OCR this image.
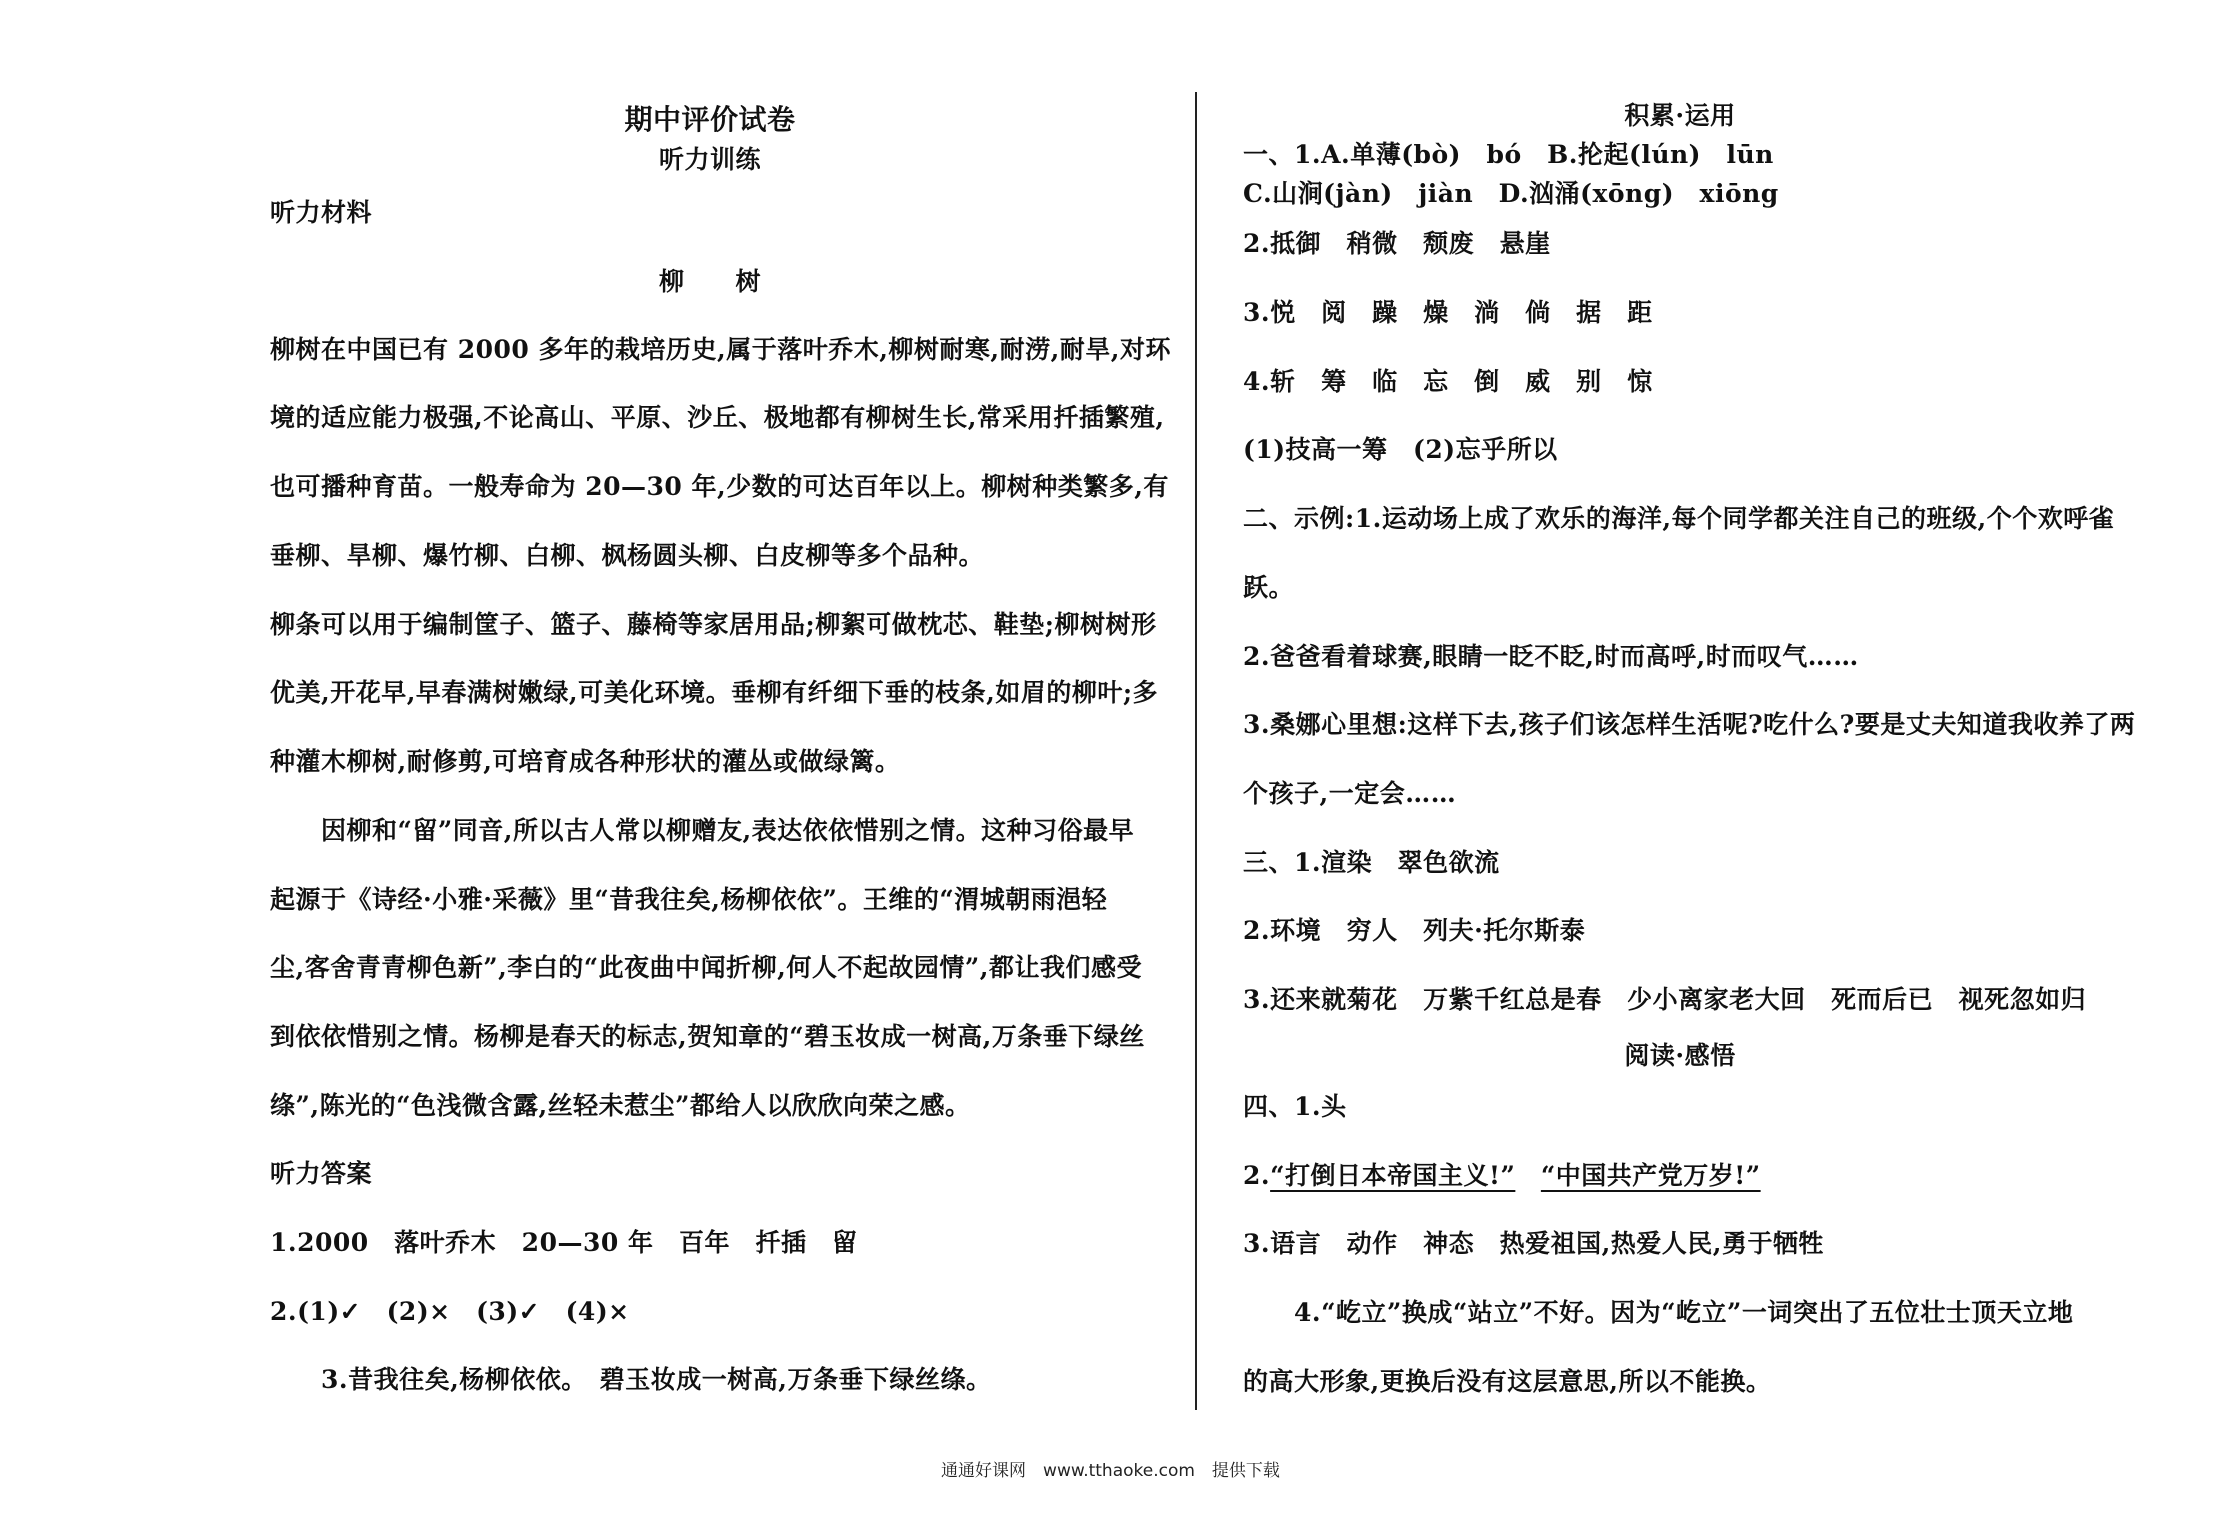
期中评价试卷
听力训练
听力材料
柳　　树
柳树在中国已有 2000 多年的栽培历史,属于落叶乔木,柳树耐寒,耐涝,耐旱,对环
境的适应能力极强,不论高山、平原、沙丘、极地都有柳树生长,常采用扦插繁殖,
也可播种育苗。一般寿命为 20—30 年,少数的可达百年以上。柳树种类繁多,有
垂柳、旱柳、爆竹柳、白柳、枫杨圆头柳、白皮柳等多个品种。
柳条可以用于编制筐子、篮子、藤椅等家居用品;柳絮可做枕芯、鞋垫;柳树树形
优美,开花早,早春满树嫩绿,可美化环境。垂柳有纤细下垂的枝条,如眉的柳叶;多
种灌木柳树,耐修剪,可培育成各种形状的灌丛或做绿篱。
　　因柳和“留”同音,所以古人常以柳赠友,表达依依惜别之情。这种习俗最早
起源于《诗经·小雅·采薇》里“昔我往矣,杨柳依依”。王维的“渭城朝雨浥轻
尘,客舍青青柳色新”,李白的“此夜曲中闻折柳,何人不起故园情”,都让我们感受
到依依惜别之情。杨柳是春天的标志,贺知章的“碧玉妆成一树高,万条垂下绿丝
绦”,陈光的“色浅微含露,丝轻未惹尘”都给人以欣欣向荣之感。
听力答案
1.2000　落叶乔木　20—30 年　百年　扦插　留
2.(1)✓　(2)×　(3)✓　(4)×
　　3.昔我往矣,杨柳依依。　碧玉妆成一树高,万条垂下绿丝绦。
积累·运用
一、1.A.单薄(bò)　bó　B.抡起(lún)　lūn
C.山涧(jàn)　jiàn　D.汹涌(xōng)　xiōng
2.抵御　稍微　颓废　悬崖
3.悦　阅　躁　燥　淌　倘　据　距
4.斩　筹　临　忘　倒　威　别　惊
(1)技高一筹　(2)忘乎所以
二、示例:1.运动场上成了欢乐的海洋,每个同学都关注自己的班级,个个欢呼雀
跃。
2.爸爸看着球赛,眼睛一眨不眨,时而高呼,时而叹气……
3.桑娜心里想:这样下去,孩子们该怎样生活呢?吃什么?要是丈夫知道我收养了两
个孩子,一定会……
三、1.渲染　翠色欲流
2.环境　穷人　列夫·托尔斯泰
3.还来就菊花　万紫千红总是春　少小离家老大回　死而后已　视死忽如归
阅读·感悟
四、1.头
2.“打倒日本帝国主义!”　 “中国共产党万岁!”
3.语言　动作　神态　热爱祖国,热爱人民,勇于牺牲
　　4.“屹立”换成“站立”不好。因为“屹立”一词突出了五位壮士顶天立地
的高大形象,更换后没有这层意思,所以不能换。
通通好课网　www.tthaoke.com　提供下载
